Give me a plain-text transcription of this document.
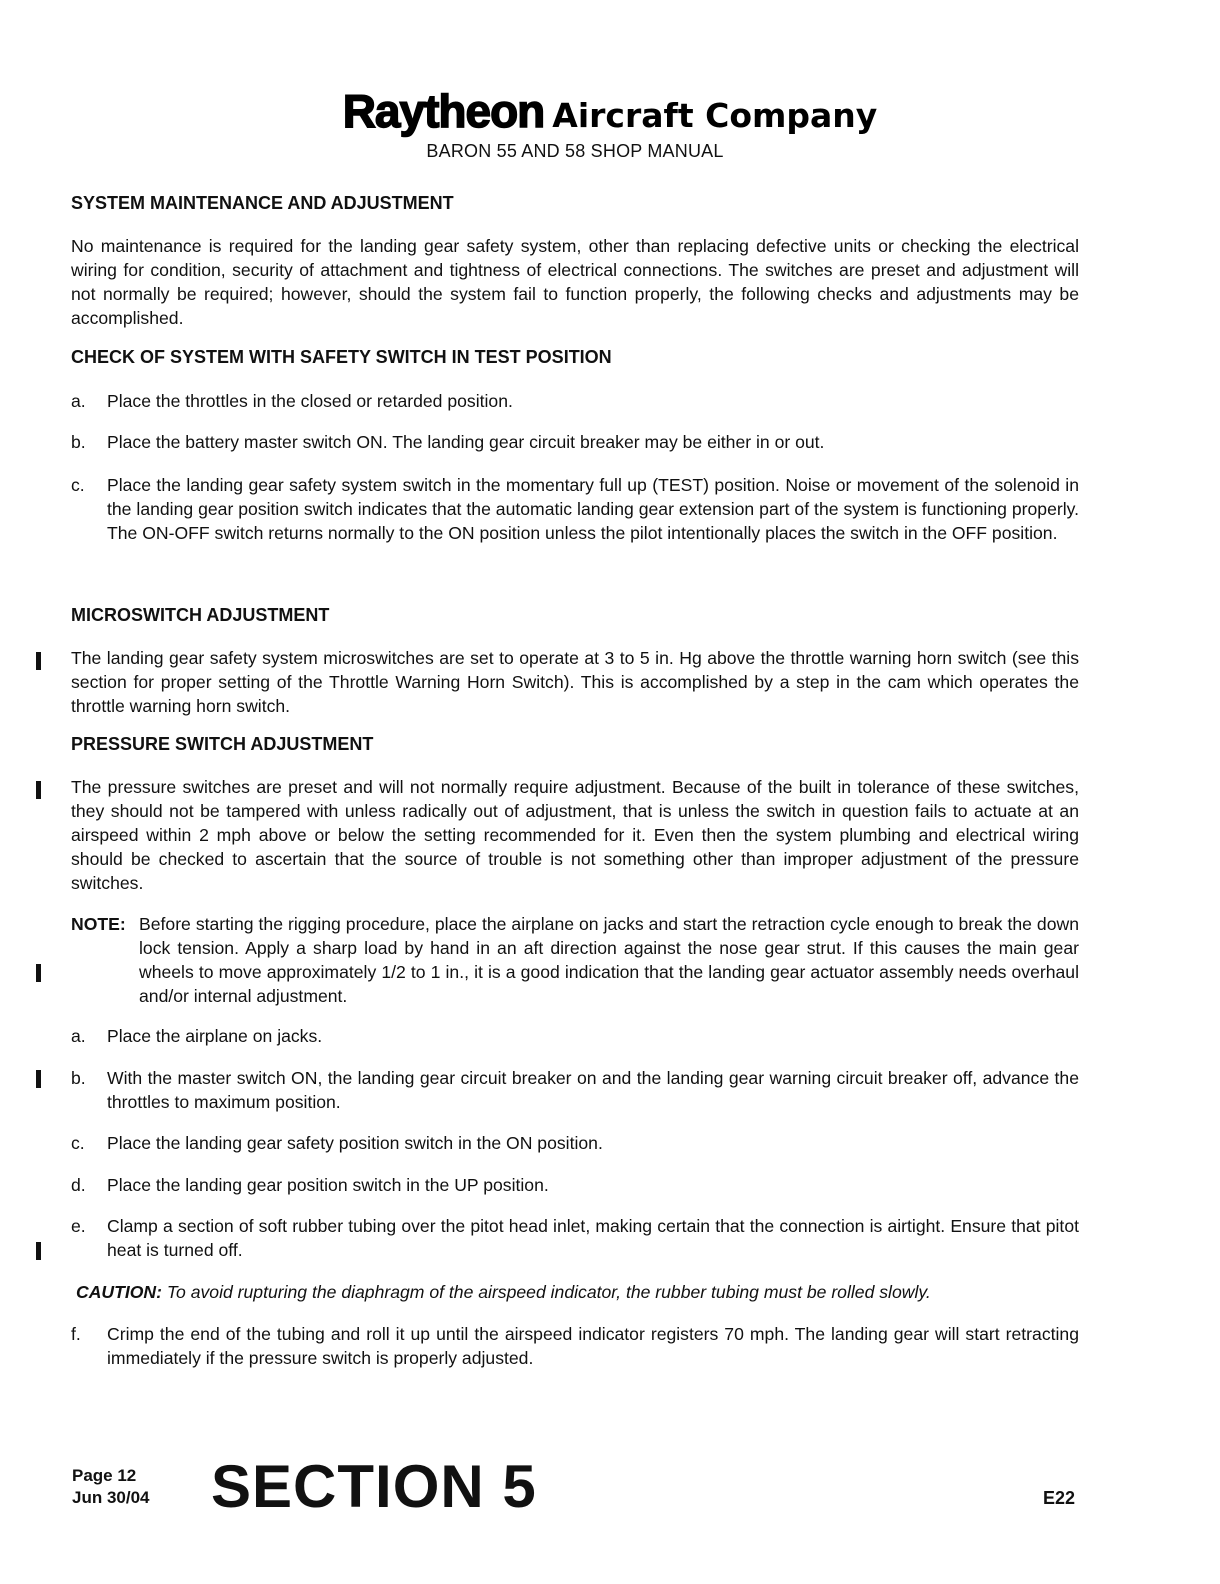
Raytheon Aircraft Company
BARON 55 AND 58 SHOP MANUAL
SYSTEM MAINTENANCE AND ADJUSTMENT

No maintenance is required for the landing gear safety system, other than replacing defective units or checking the electrical wiring for condition, security of attachment and tightness of electrical connections. The switches are preset and adjustment will not normally be required; however, should the system fail to function properly, the following checks and adjustments may be accomplished.

CHECK OF SYSTEM WITH SAFETY SWITCH IN TEST POSITION
a. Place the throttles in the closed or retarded position.
b. Place the battery master switch ON. The landing gear circuit breaker may be either in or out.
c. Place the landing gear safety system switch in the momentary full up (TEST) position. Noise or movement of the solenoid in the landing gear position switch indicates that the automatic landing gear extension part of the system is functioning properly. The ON-OFF switch returns normally to the ON position unless the pilot intentionally places the switch in the OFF position.
MICROSWITCH ADJUSTMENT

The landing gear safety system microswitches are set to operate at 3 to 5 in. Hg above the throttle warning horn switch (see this section for proper setting of the Throttle Warning Horn Switch). This is accomplished by a step in the cam which operates the throttle warning horn switch.

PRESSURE SWITCH ADJUSTMENT

The pressure switches are preset and will not normally require adjustment. Because of the built in tolerance of these switches, they should not be tampered with unless radically out of adjustment, that is unless the switch in question fails to actuate at an airspeed within 2 mph above or below the setting recommended for it. Even then the system plumbing and electrical wiring should be checked to ascertain that the source of trouble is not something other than improper adjustment of the pressure switches.

NOTE: Before starting the rigging procedure, place the airplane on jacks and start the retraction cycle enough to break the down lock tension. Apply a sharp load by hand in an aft direction against the nose gear strut. If this causes the main gear wheels to move approximately 1/2 to 1 in., it is a good indication that the landing gear actuator assembly needs overhaul and/or internal adjustment.
a. Place the airplane on jacks.
b. With the master switch ON, the landing gear circuit breaker on and the landing gear warning circuit breaker off, advance the throttles to maximum position.
c. Place the landing gear safety position switch in the ON position.
d. Place the landing gear position switch in the UP position.
e. Clamp a section of soft rubber tubing over the pitot head inlet, making certain that the connection is airtight. Ensure that pitot heat is turned off.
CAUTION: To avoid rupturing the diaphragm of the airspeed indicator, the rubber tubing must be rolled slowly.
f. Crimp the end of the tubing and roll it up until the airspeed indicator registers 70 mph. The landing gear will start retracting immediately if the pressure switch is properly adjusted.
Page 12
Jun 30/04 SECTION 5	E22
